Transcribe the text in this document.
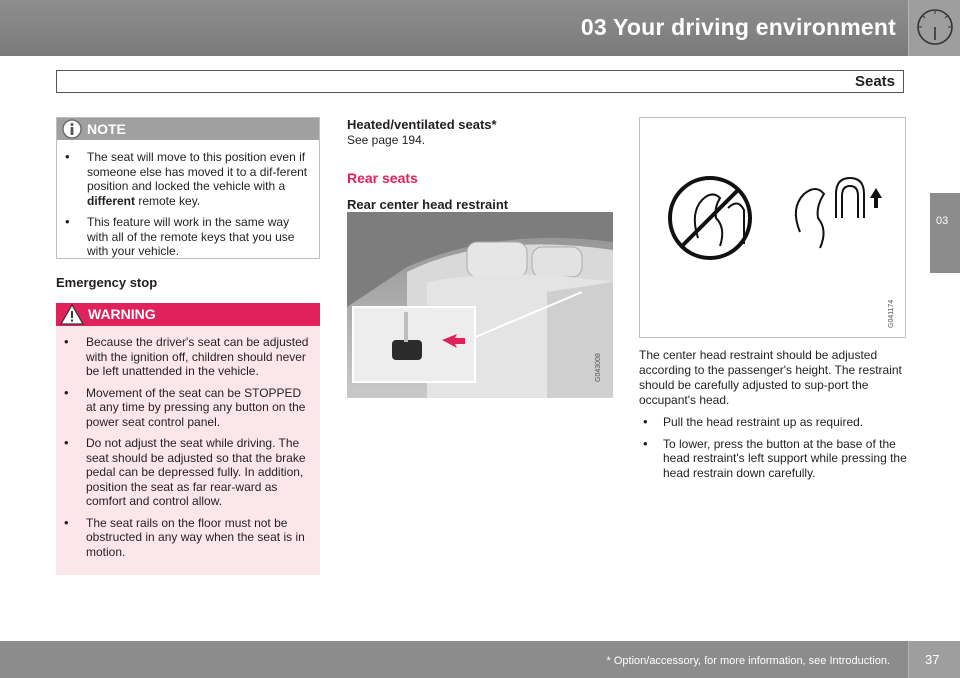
03 Your driving environment
Seats
03
NOTE
• The seat will move to this position even if someone else has moved it to a dif-ferent position and locked the vehicle with a different remote key.
• This feature will work in the same way with all of the remote keys that you use with your vehicle.
Emergency stop
WARNING
• Because the driver's seat can be adjusted with the ignition off, children should never be left unattended in the vehicle.
• Movement of the seat can be STOPPED at any time by pressing any button on the power seat control panel.
• Do not adjust the seat while driving. The seat should be adjusted so that the brake pedal can be depressed fully. In addition, position the seat as far rear-ward as comfort and control allow.
• The seat rails on the floor must not be obstructed in any way when the seat is in motion.
Heated/ventilated seats*
See page 194.
Rear seats
Rear center head restraint
G043008
G041174

The center head restraint should be adjusted according to the passenger's height. The restraint should be carefully adjusted to sup-port the occupant's head.

• Pull the head restraint up as required.
• To lower, press the button at the base of the head restraint's left support while pressing the head restrain down carefully.
* Option/accessory, for more information, see Introduction.	37
